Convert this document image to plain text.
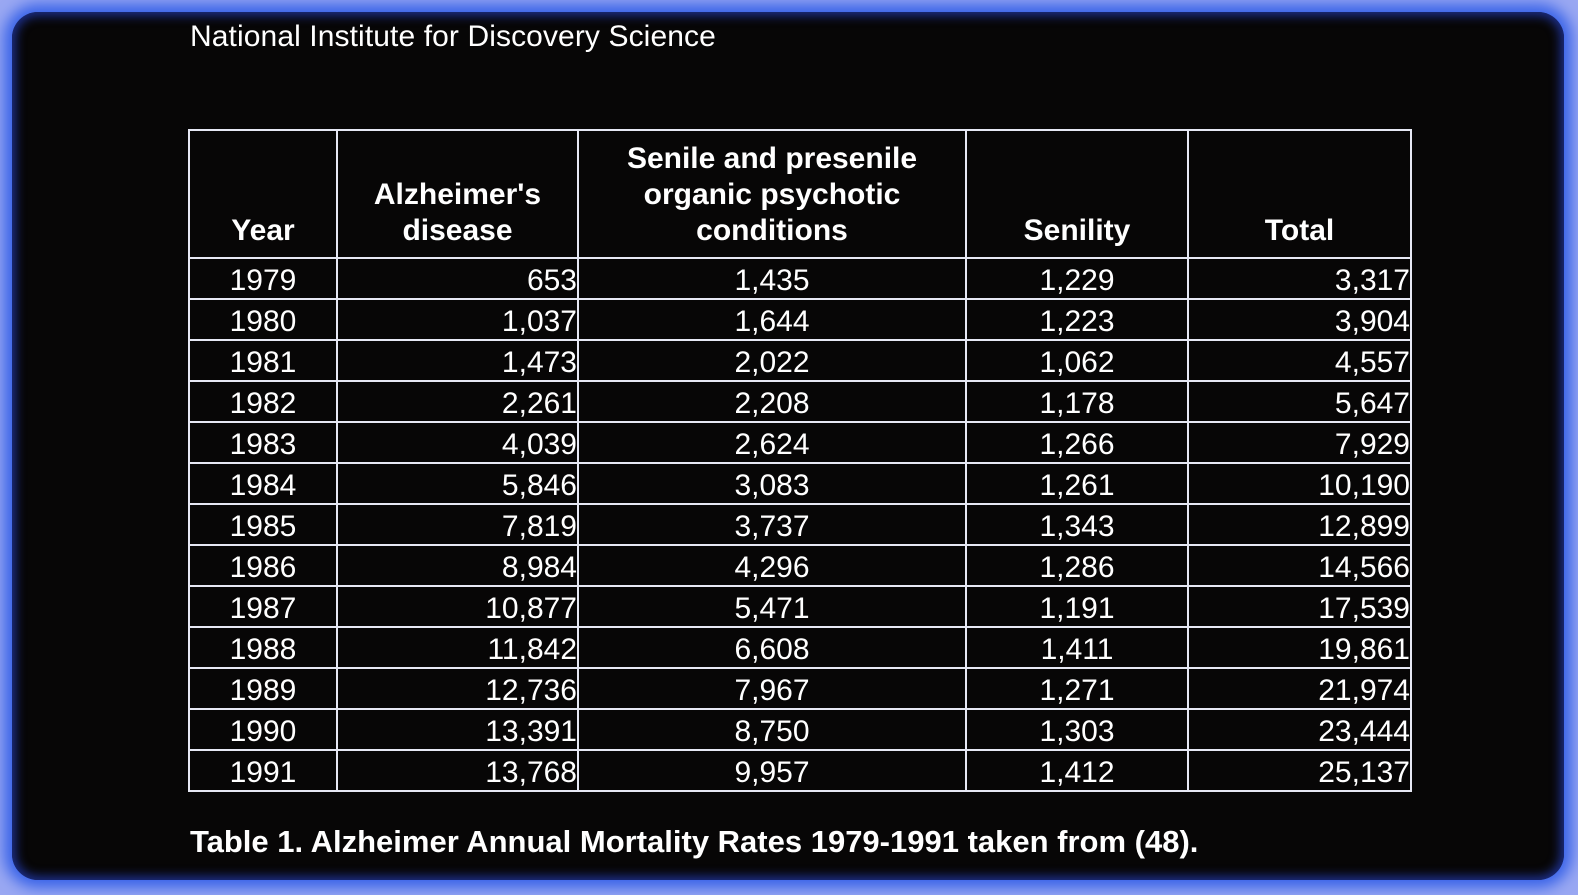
National Institute for Discovery Science
Year	Alzheimer's disease	Senile and presenile organic psychotic conditions	Senility	Total
1979	653	1,435	1,229	3,317
1980	1,037	1,644	1,223	3,904
1981	1,473	2,022	1,062	4,557
1982	2,261	2,208	1,178	5,647
1983	4,039	2,624	1,266	7,929
1984	5,846	3,083	1,261	10,190
1985	7,819	3,737	1,343	12,899
1986	8,984	4,296	1,286	14,566
1987	10,877	5,471	1,191	17,539
1988	11,842	6,608	1,411	19,861
1989	12,736	7,967	1,271	21,974
1990	13,391	8,750	1,303	23,444
1991	13,768	9,957	1,412	25,137
Table 1. Alzheimer Annual Mortality Rates 1979-1991 taken from (48).
